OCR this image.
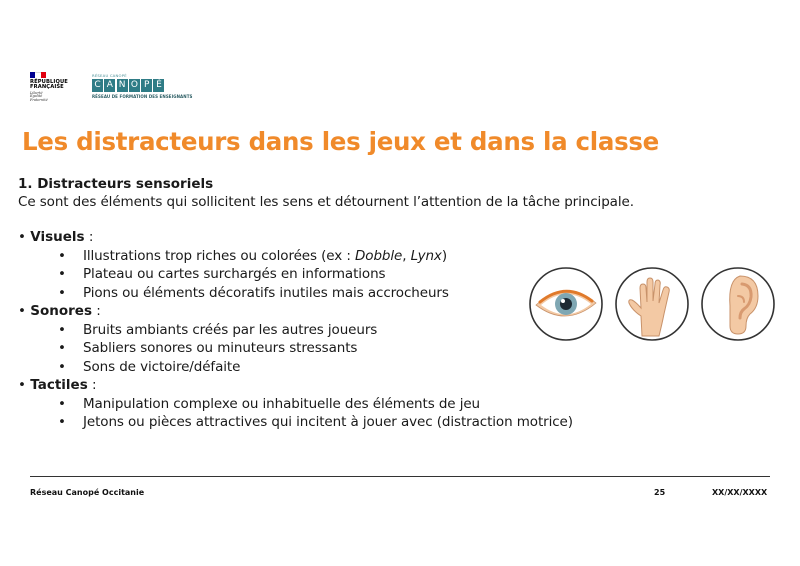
RÉPUBLIQUE
FRANÇAISE
Liberté
Égalité
Fraternité
RÉSEAU CANOPÉ
C A N O P É
RÉSEAU DE FORMATION DES ENSEIGNANTS
Les distracteurs dans les jeux et dans la classe
1. Distracteurs sensoriels
Ce sont des éléments qui sollicitent les sens et détournent l’attention de la tâche principale.
• Visuels :
• Illustrations trop riches ou colorées (ex : Dobble, Lynx)
• Plateau ou cartes surchargés en informations
• Pions ou éléments décoratifs inutiles mais accrocheurs
• Sonores :
• Bruits ambiants créés par les autres joueurs
• Sabliers sonores ou minuteurs stressants
• Sons de victoire/défaite
• Tactiles :
• Manipulation complexe ou inhabituelle des éléments de jeu
• Jetons ou pièces attractives qui incitent à jouer avec (distraction motrice)
Réseau Canopé Occitanie	25	XX/XX/XXXX
